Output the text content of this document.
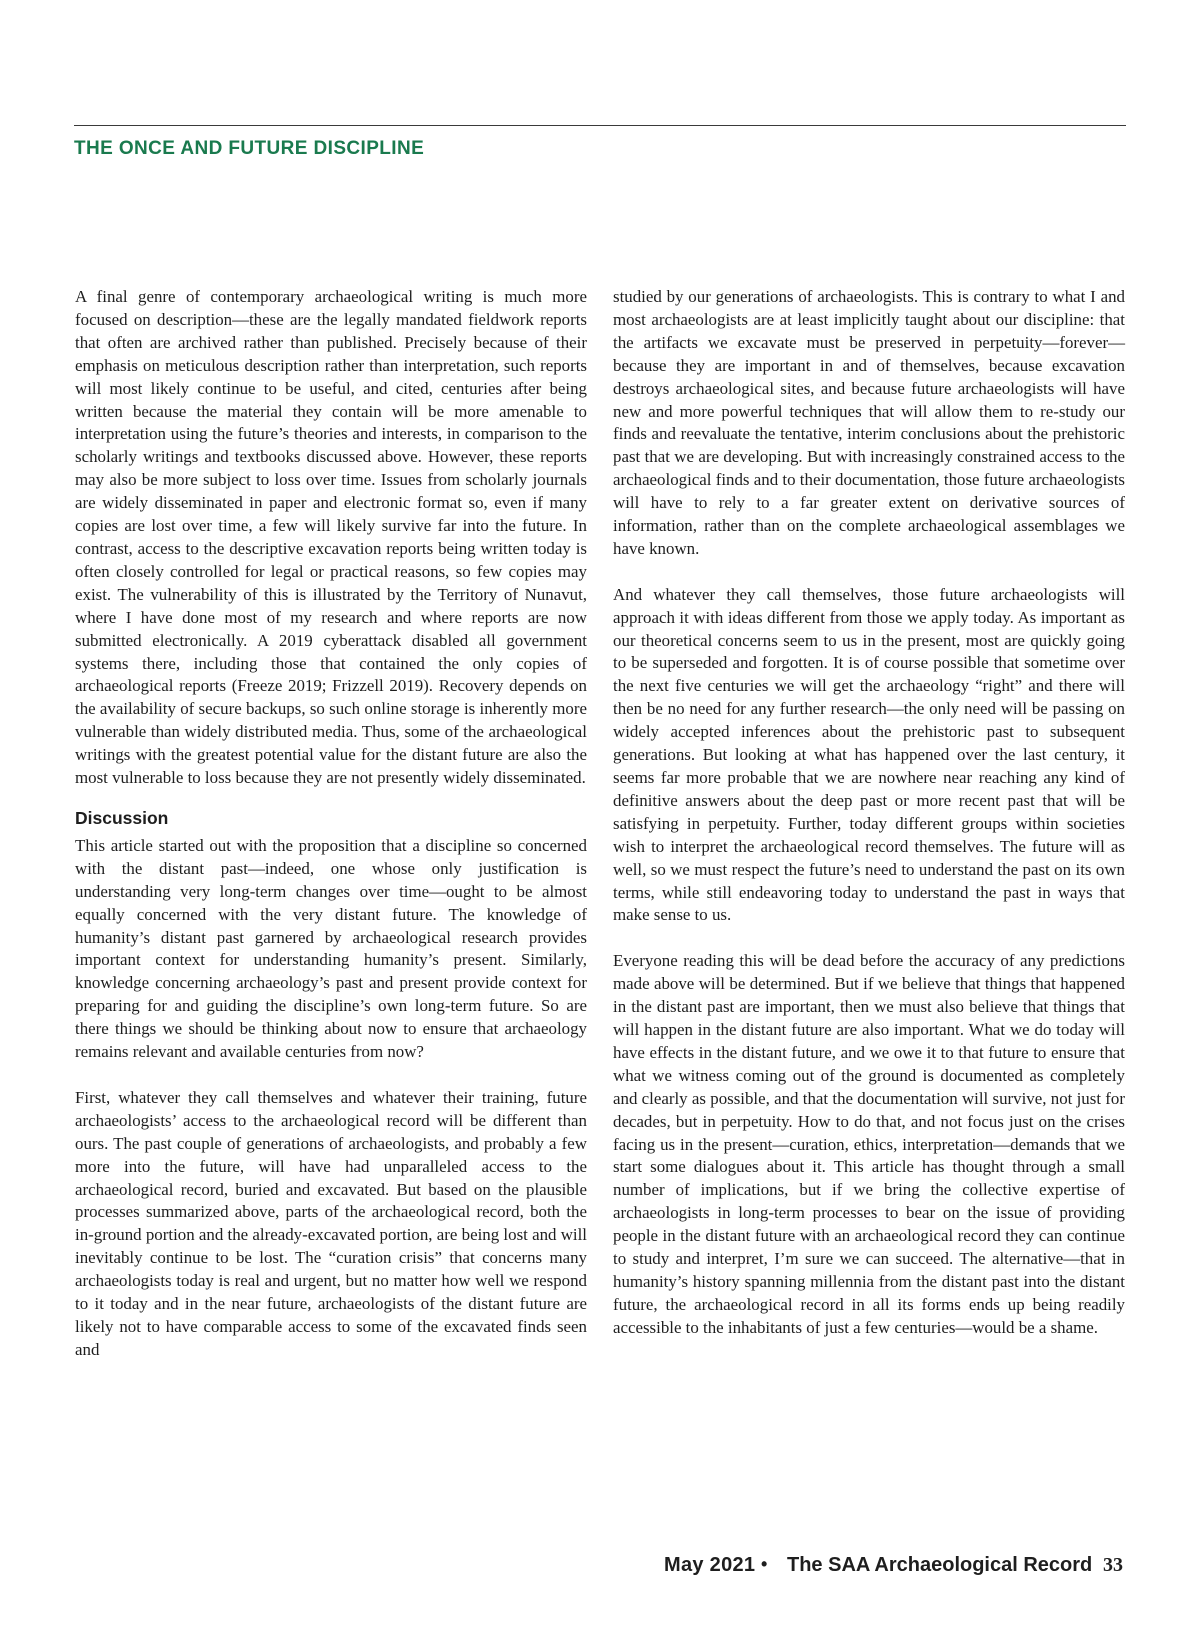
THE ONCE AND FUTURE DISCIPLINE

A final genre of contemporary archaeological writing is much more focused on description—these are the legally mandated fieldwork reports that often are archived rather than published. Precisely because of their emphasis on meticulous description rather than interpretation, such reports will most likely continue to be useful, and cited, centuries after being written because the material they contain will be more amenable to interpretation using the future’s theories and interests, in comparison to the scholarly writings and textbooks discussed above. However, these reports may also be more subject to loss over time. Issues from scholarly journals are widely disseminated in paper and electronic format so, even if many copies are lost over time, a few will likely survive far into the future. In contrast, access to the descriptive excavation reports being written today is often closely controlled for legal or practical reasons, so few copies may exist. The vulnerability of this is illustrated by the Territory of Nunavut, where I have done most of my research and where reports are now submitted electronically. A 2019 cyberattack disabled all government systems there, including those that contained the only copies of archaeological reports (Freeze 2019; Frizzell 2019). Recovery depends on the availability of secure backups, so such online storage is inherently more vulnerable than widely distributed media. Thus, some of the archaeological writings with the greatest potential value for the distant future are also the most vulnerable to loss because they are not presently widely disseminated.

Discussion

This article started out with the proposition that a discipline so concerned with the distant past—indeed, one whose only justification is understanding very long-term changes over time—ought to be almost equally concerned with the very distant future. The knowledge of humanity’s distant past garnered by archaeological research provides important context for understanding humanity’s present. Similarly, knowledge concerning archaeology’s past and present provide context for preparing for and guiding the discipline’s own long-term future. So are there things we should be thinking about now to ensure that archaeology remains relevant and available centuries from now?

First, whatever they call themselves and whatever their training, future archaeologists’ access to the archaeological record will be different than ours. The past couple of generations of archaeologists, and probably a few more into the future, will have had unparalleled access to the archaeological record, buried and excavated. But based on the plausible processes summarized above, parts of the archaeological record, both the in-ground portion and the already-excavated portion, are being lost and will inevitably continue to be lost. The “curation crisis” that concerns many archaeologists today is real and urgent, but no matter how well we respond to it today and in the near future, archaeologists of the distant future are likely not to have comparable access to some of the excavated finds seen and

studied by our generations of archaeologists. This is contrary to what I and most archaeologists are at least implicitly taught about our discipline: that the artifacts we excavate must be preserved in perpetuity—forever—because they are important in and of themselves, because excavation destroys archaeological sites, and because future archaeologists will have new and more powerful techniques that will allow them to re-study our finds and reevaluate the tentative, interim conclusions about the prehistoric past that we are developing. But with increasingly constrained access to the archaeological finds and to their documentation, those future archaeologists will have to rely to a far greater extent on derivative sources of information, rather than on the complete archaeological assemblages we have known.

And whatever they call themselves, those future archaeologists will approach it with ideas different from those we apply today. As important as our theoretical concerns seem to us in the present, most are quickly going to be superseded and forgotten. It is of course possible that sometime over the next five centuries we will get the archaeology “right” and there will then be no need for any further research—the only need will be passing on widely accepted inferences about the prehistoric past to subsequent generations. But looking at what has happened over the last century, it seems far more probable that we are nowhere near reaching any kind of definitive answers about the deep past or more recent past that will be satisfying in perpetuity. Further, today different groups within societies wish to interpret the archaeological record themselves. The future will as well, so we must respect the future’s need to understand the past on its own terms, while still endeavoring today to understand the past in ways that make sense to us.

Everyone reading this will be dead before the accuracy of any predictions made above will be determined. But if we believe that things that happened in the distant past are important, then we must also believe that things that will happen in the distant future are also important. What we do today will have effects in the distant future, and we owe it to that future to ensure that what we witness coming out of the ground is documented as completely and clearly as possible, and that the documentation will survive, not just for decades, but in perpetuity. How to do that, and not focus just on the crises facing us in the present—curation, ethics, interpretation—demands that we start some dialogues about it. This article has thought through a small number of implications, but if we bring the collective expertise of archaeologists in long-term processes to bear on the issue of providing people in the distant future with an archaeological record they can continue to study and interpret, I’m sure we can succeed. The alternative—that in humanity’s history spanning millennia from the distant past into the distant future, the archaeological record in all its forms ends up being readily accessible to the inhabitants of just a few centuries—would be a shame.

May 2021 • The SAA Archaeological Record 33
